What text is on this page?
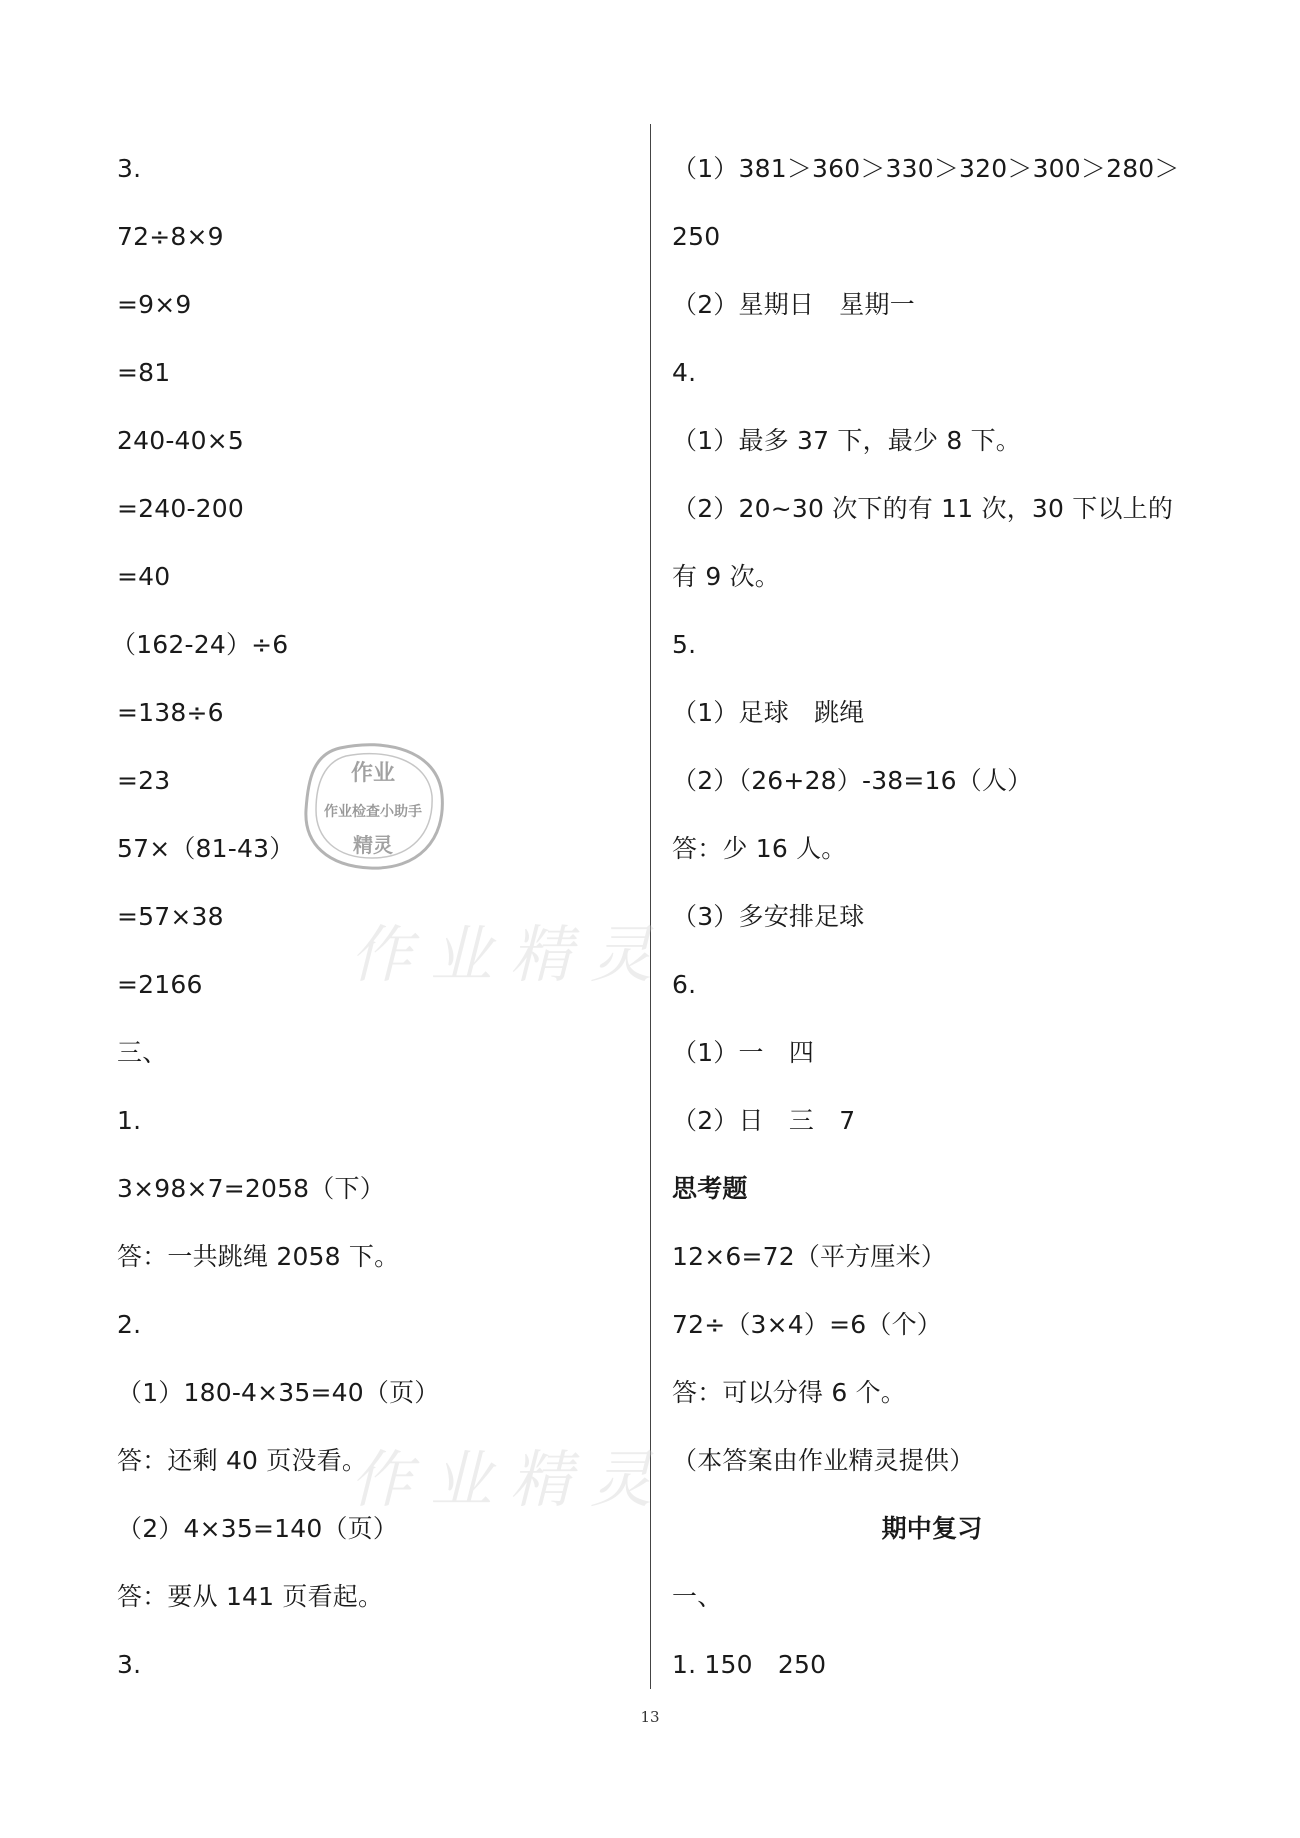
3.
72÷8×9
=9×9
=81
240-40×5
=240-200
=40
（162-24）÷6
=138÷6
=23
57×（81-43）
=57×38
=2166
三、
1.
3×98×7=2058（下）
答：一共跳绳 2058 下。
2.
（1）180-4×35=40（页）
答：还剩 40 页没看。
（2）4×35=140（页）
答：要从 141 页看起。
3.
（1）381＞360＞330＞320＞300＞280＞
250
（2）星期日　星期一
4.
（1）最多 37 下，最少 8 下。
（2）20~30 次下的有 11 次，30 下以上的
有 9 次。
5.
（1）足球　跳绳
（2）（26+28）-38=16（人）
答：少 16 人。
（3）多安排足球
6.
（1）一　四
（2）日　三　7
思考题
12×6=72（平方厘米）
72÷（3×4）=6（个）
答：可以分得 6 个。
（本答案由作业精灵提供）
一、
1. 150　250
期中复习
作业
作业检查小助手
精灵
作业精灵
作业精灵
13
